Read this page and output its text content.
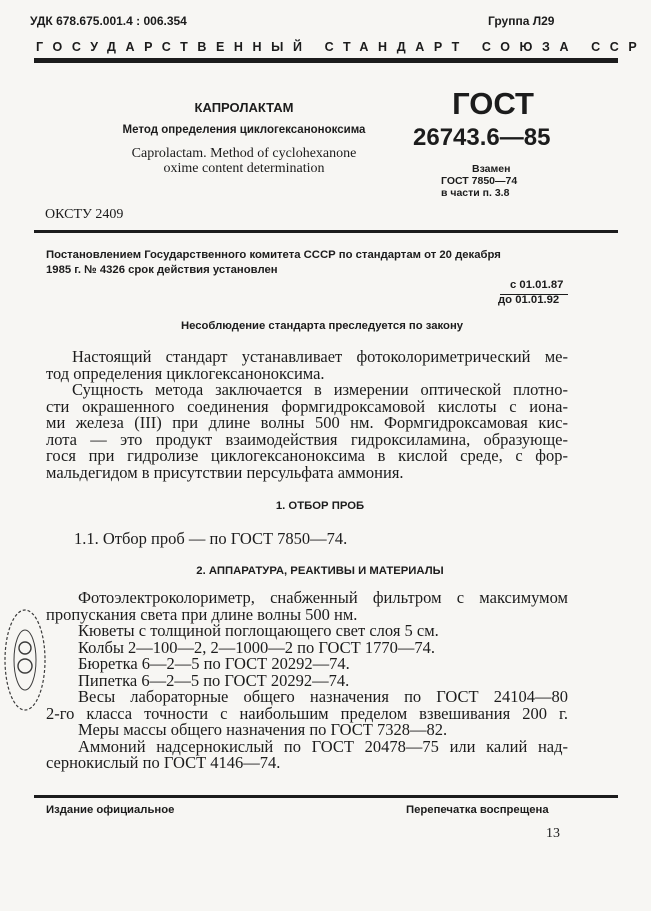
УДК 678.675.001.4 : 006.354	Группа Л29
ГОСУДАРСТВЕННЫЙ СТАНДАРТ СОЮЗА ССР
КАПРОЛАКТАМ
Метод определения циклогексаноноксима
Caprolactam. Method of cyclohexanone
oxime content determination
ГОСТ
26743.6—85
Взамен
ГОСТ 7850—74
в части п. 3.8
ОКСТУ 2409
Постановлением Государственного комитета СССР по стандартам от 20 декабря
1985 г. № 4326 срок действия установлен
с 01.01.87
до 01.01.92
Несоблюдение стандарта преследуется по закону
Настоящий стандарт устанавливает фотоколориметрический ме-
тод определения циклогексаноноксима.
Сущность метода заключается в измерении оптической плотно-
сти окрашенного соединения формгидроксамовой кислоты с иона-
ми железа (III) при длине волны 500 нм. Формгидроксамовая кис-
лота — это продукт взаимодействия гидроксиламина, образующе-
гося при гидролизе циклогексаноноксима в кислой среде, с фор-
мальдегидом в присутствии персульфата аммония.
1. ОТБОР ПРОБ
1.1. Отбор проб — по ГОСТ 7850—74.
2. АППАРАТУРА, РЕАКТИВЫ И МАТЕРИАЛЫ
Фотоэлектроколориметр, снабженный фильтром с максимумом
пропускания света при длине волны 500 нм.
Кюветы с толщиной поглощающего свет слоя 5 см.
Колбы 2—100—2, 2—1000—2 по ГОСТ 1770—74.
Бюретка 6—2—5 по ГОСТ 20292—74.
Пипетка 6—2—5 по ГОСТ 20292—74.
Весы лабораторные общего назначения по ГОСТ 24104—80
2-го класса точности с наибольшим пределом взвешивания 200 г.
Меры массы общего назначения по ГОСТ 7328—82.
Аммоний надсернокислый по ГОСТ 20478—75 или калий над-
сернокислый по ГОСТ 4146—74.
Издание официальное	Перепечатка воспрещена
13
